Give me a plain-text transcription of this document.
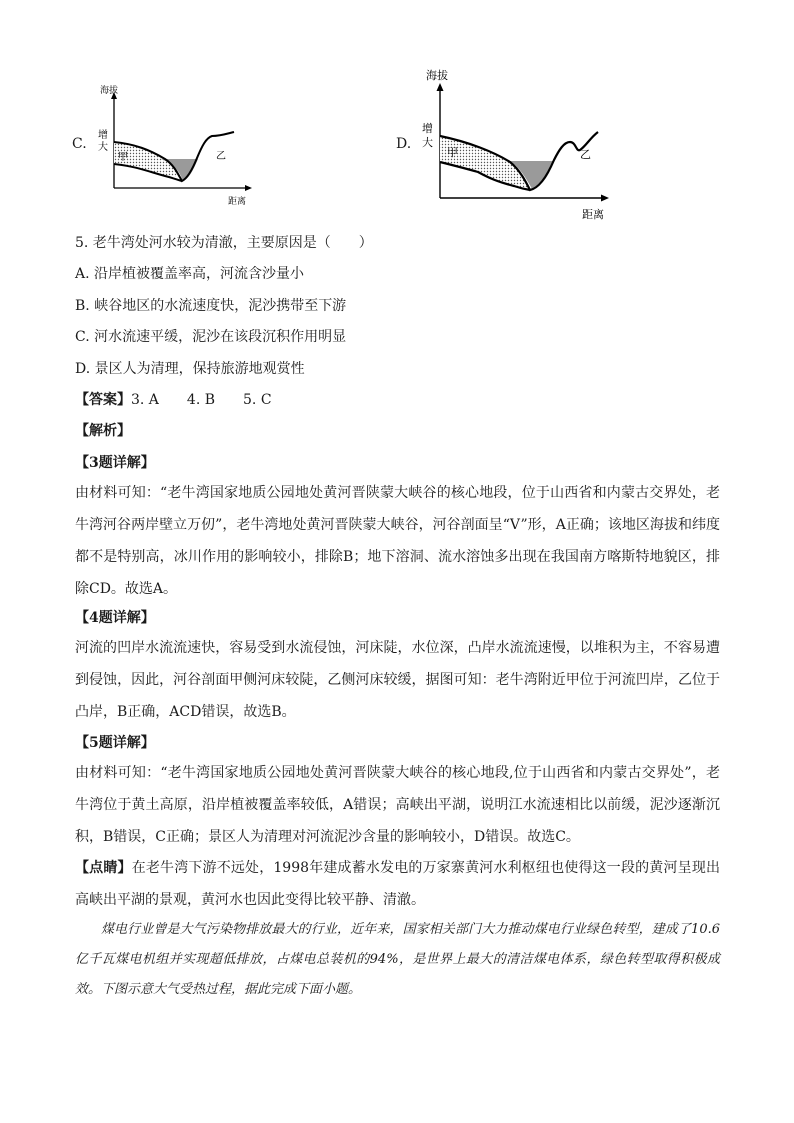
C.
海拔
增
大
甲	乙
距离
D.
海拔
增
大
甲	乙
距离
5. 老牛湾处河水较为清澈，主要原因是（　　）
A. 沿岸植被覆盖率高，河流含沙量小
B. 峡谷地区的水流速度快，泥沙携带至下游
C. 河水流速平缓，泥沙在该段沉积作用明显
D. 景区人为清理，保持旅游地观赏性
【答案】3. A　　4. B　　5. C
【解析】
【3题详解】
由材料可知：“老牛湾国家地质公园地处黄河晋陕蒙大峡谷的核心地段，位于山西省和内蒙古交界处，老牛湾河谷两岸壁立万仞”，老牛湾地处黄河晋陕蒙大峡谷，河谷剖面呈“V”形，A正确；该地区海拔和纬度都不是特别高，冰川作用的影响较小，排除B；地下溶洞、流水溶蚀多出现在我国南方喀斯特地貌区，排除CD。故选A。
【4题详解】
河流的凹岸水流流速快，容易受到水流侵蚀，河床陡，水位深，凸岸水流流速慢，以堆积为主，不容易遭到侵蚀，因此，河谷剖面甲侧河床较陡，乙侧河床较缓，据图可知：老牛湾附近甲位于河流凹岸，乙位于凸岸，B正确，ACD错误，故选B。
【5题详解】
由材料可知：“老牛湾国家地质公园地处黄河晋陕蒙大峡谷的核心地段,位于山西省和内蒙古交界处”，老牛湾位于黄土高原，沿岸植被覆盖率较低，A错误；高峡出平湖，说明江水流速相比以前缓，泥沙逐渐沉积，B错误，C正确；景区人为清理对河流泥沙含量的影响较小，D错误。故选C。
【点睛】在老牛湾下游不远处，1998年建成蓄水发电的万家寨黄河水利枢纽也使得这一段的黄河呈现出高峡出平湖的景观，黄河水也因此变得比较平静、清澈。
煤电行业曾是大气污染物排放最大的行业，近年来，国家相关部门大力推动煤电行业绿色转型，建成了10.6亿千瓦煤电机组并实现超低排放，占煤电总装机的94%，是世界上最大的清洁煤电体系，绿色转型取得积极成效。下图示意大气受热过程，据此完成下面小题。
